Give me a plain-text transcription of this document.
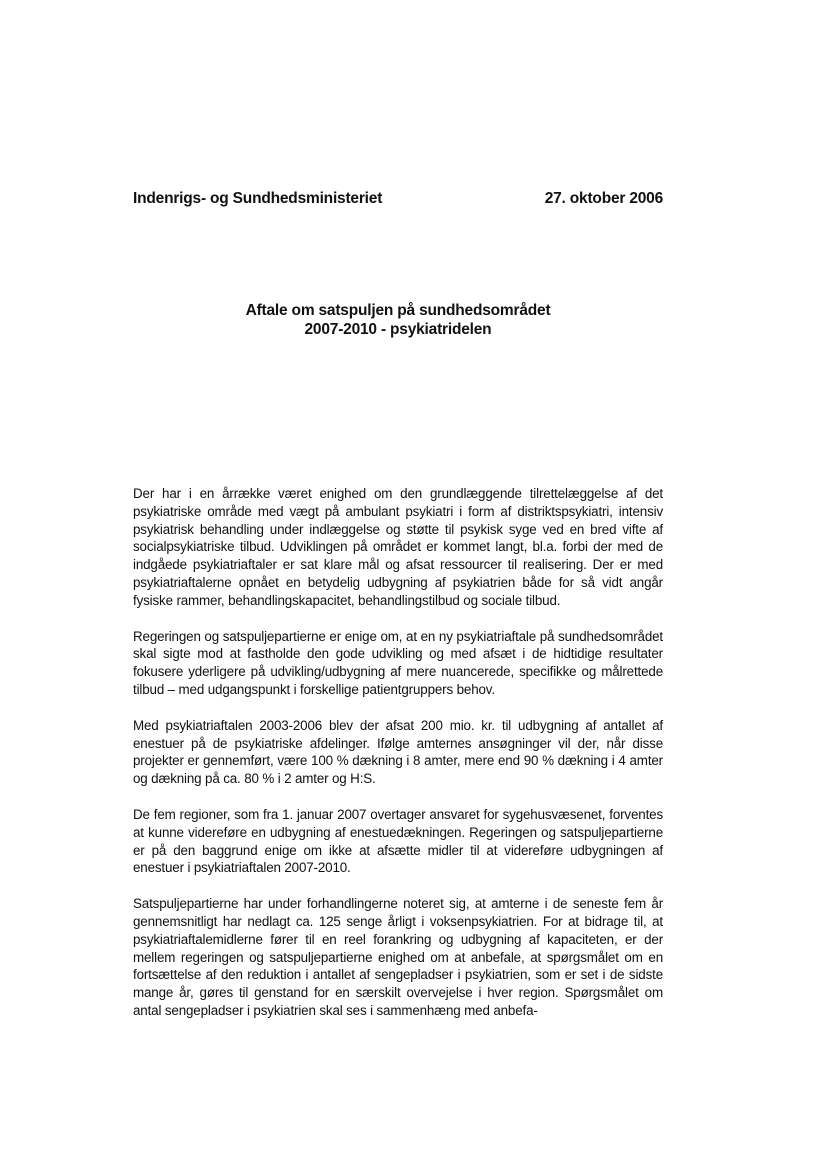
Indenrigs- og Sundhedsministeriet	27. oktober 2006
Aftale om satspuljen på sundhedsområdet
2007-2010 - psykiatridelen

Der har i en årrække været enighed om den grundlæggende tilrettelæggelse af det psykiatriske område med vægt på ambulant psykiatri i form af distriktspsykiatri, intensiv psykiatrisk behandling under indlæggelse og støtte til psykisk syge ved en bred vifte af socialpsykiatriske tilbud. Udviklingen på området er kommet langt, bl.a. forbi der med de indgåede psykiatriaftaler er sat klare mål og afsat ressourcer til realisering. Der er med psykiatriaftalerne opnået en betydelig udbygning af psykiatrien både for så vidt angår fysiske rammer, behandlingskapacitet, behandlingstilbud og sociale tilbud.

Regeringen og satspuljepartierne er enige om, at en ny psykiatriaftale på sundhedsområdet skal sigte mod at fastholde den gode udvikling og med afsæt i de hidtidige resultater fokusere yderligere på udvikling/udbygning af mere nuancerede, specifikke og målrettede tilbud – med udgangspunkt i forskellige patientgruppers behov.

Med psykiatriaftalen 2003-2006 blev der afsat 200 mio. kr. til udbygning af antallet af enestuer på de psykiatriske afdelinger. Ifølge amternes ansøgninger vil der, når disse projekter er gennemført, være 100 % dækning i 8 amter, mere end 90 % dækning i 4 amter og dækning på ca. 80 % i 2 amter og H:S.

De fem regioner, som fra 1. januar 2007 overtager ansvaret for sygehusvæsenet, forventes at kunne videreføre en udbygning af enestuedækningen. Regeringen og satspuljepartierne er på den baggrund enige om ikke at afsætte midler til at videreføre udbygningen af enestuer i psykiatriaftalen 2007-2010.

Satspuljepartierne har under forhandlingerne noteret sig, at amterne i de seneste fem år gennemsnitligt har nedlagt ca. 125 senge årligt i voksenpsykiatrien. For at bidrage til, at psykiatriaftalemidlerne fører til en reel forankring og udbygning af kapaciteten, er der mellem regeringen og satspuljepartierne enighed om at anbefale, at spørgsmålet om en fortsættelse af den reduktion i antallet af sengepladser i psykiatrien, som er set i de sidste mange år, gøres til genstand for en særskilt overvejelse i hver region. Spørgsmålet om antal sengepladser i psykiatrien skal ses i sammenhæng med anbefa-
